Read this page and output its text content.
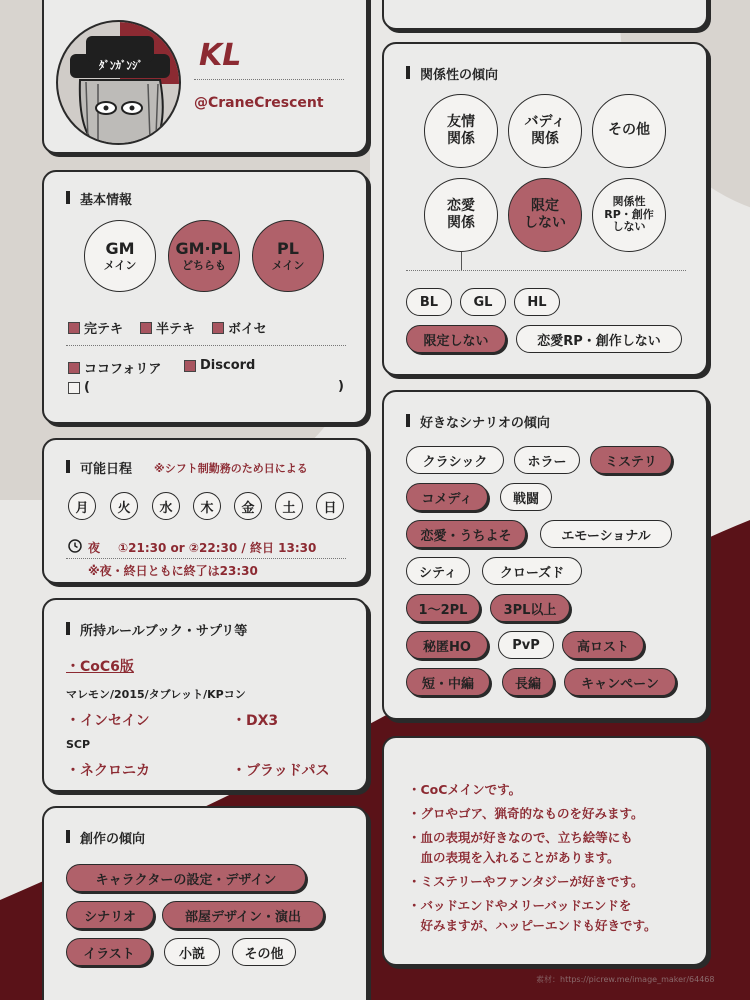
ﾀﾞﾝｶﾞﾝｼﾞ	KL
@CraneCrescent
基本情報
GM
メイン
GM·PL
どちらも
PL
メイン
完テキ	半テキ	ボイセ
ココフォリア	Discord
(	)
可能日程 ※シフト制勤務のため日による
月	火	水	木	金	土	日
夜 ①21:30 or ②22:30 / 終日 13:30
※夜・終日ともに終了は23:30
所持ルールブック・サプリ等
・CoC6版
マレモン/2015/タブレット/KPコン
・インセイン	・DX3
SCP
・ネクロニカ	・ブラッドパス
創作の傾向
キャラクターの設定・デザイン
シナリオ	部屋デザイン・演出
イラスト	小説	その他
関係性の傾向
友情
関係
バディ
関係
その他
恋愛
関係
限定
しない
関係性
RP・創作
しない
BL	GL	HL
限定しない	恋愛RP・創作しない
好きなシナリオの傾向
クラシック	ホラー	ミステリ
コメディ	戦闘
恋愛・うちよそ	エモーショナル
シティ	クローズド
1〜2PL	3PL以上
秘匿HO	PvP	高ロスト
短・中編	長編	キャンペーン
・CoCメインです。
・グロやゴア、猟奇的なものを好みます。
・血の表現が好きなので、立ち絵等にも
　血の表現を入れることがあります。
・ミステリーやファンタジーが好きです。
・バッドエンドやメリーバッドエンドを
　好みますが、ハッピーエンドも好きです。
素材：https://picrew.me/image_maker/64468
